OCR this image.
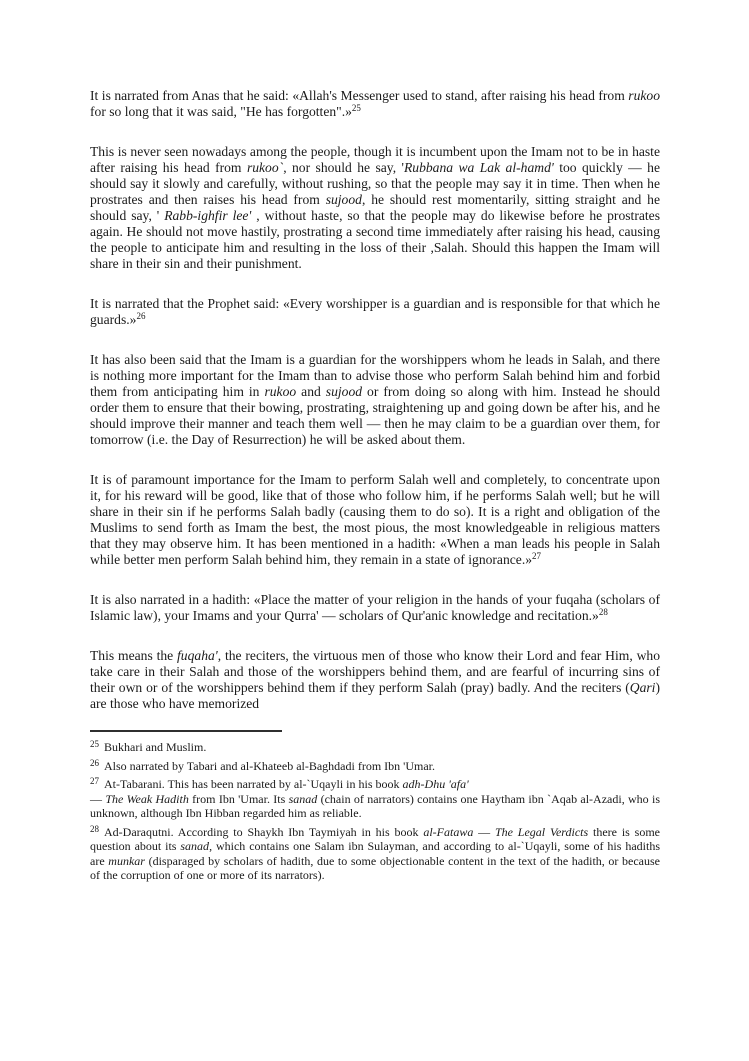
It is narrated from Anas that he said: «Allah's Messenger used to stand, after raising his head from rukoo for so long that it was said, "He has forgotten".»$^{25}$

This is never seen nowadays among the people, though it is incumbent upon the Imam not to be in haste after raising his head from rukoo`, nor should he say, 'Rubbana wa Lak al-hamd' too quickly — he should say it slowly and carefully, without rushing, so that the people may say it in time. Then when he prostrates and then raises his head from sujood, he should rest momentarily, sitting straight and he should say, ' Rabb-ighfir lee' , without haste, so that the people may do likewise before he prostrates again. He should not move hastily, prostrating a second time immediately after raising his head, causing the people to anticipate him and resulting in the loss of their ,Salah. Should this happen the Imam will share in their sin and their punishment.

It is narrated that the Prophet said: «Every worshipper is a guardian and is responsible for that which he guards.»$^{26}$

It has also been said that the Imam is a guardian for the worshippers whom he leads in Salah, and there is nothing more important for the Imam than to advise those who perform Salah behind him and forbid them from anticipating him in rukoo and sujood or from doing so along with him. Instead he should order them to ensure that their bowing, prostrating, straightening up and going down be after his, and he should improve their manner and teach them well — then he may claim to be a guardian over them, for tomorrow (i.e. the Day of Resurrection) he will be asked about them.

It is of paramount importance for the Imam to perform Salah well and completely, to concentrate upon it, for his reward will be good, like that of those who follow him, if he performs Salah well; but he will share in their sin if he performs Salah badly (causing them to do so). It is a right and obligation of the Muslims to send forth as Imam the best, the most pious, the most knowledgeable in religious matters that they may observe him. It has been mentioned in a hadith: «When a man leads his people in Salah while better men perform Salah behind him, they remain in a state of ignorance.»$^{27}$

It is also narrated in a hadith: «Place the matter of your religion in the hands of your fuqaha (scholars of Islamic law), your Imams and your Qurra' — scholars of Qur'anic knowledge and recitation.»$^{28}$

This means the fuqaha', the reciters, the virtuous men of those who know their Lord and fear Him, who take care in their Salah and those of the worshippers behind them, and are fearful of incurring sins of their own or of the worshippers behind them if they perform Salah (pray) badly. And the reciters (Qari) are those who have memorized

$^{25}$ Bukhari and Muslim.

$^{26}$ Also narrated by Tabari and al-Khateeb al-Baghdadi from Ibn 'Umar.

$^{27}$ At-Tabarani. This has been narrated by al-`Uqayli in his book adh-Dhu 'afa'
— The Weak Hadith from Ibn 'Umar. Its sanad (chain of narrators) contains one Haytham ibn `Aqab al-Azadi, who is unknown, although Ibn Hibban regarded him as reliable.

$^{28}$ Ad-Daraqutni. According to Shaykh Ibn Taymiyah in his book al-Fatawa — The Legal Verdicts there is some question about its sanad, which contains one Salam ibn Sulayman, and according to al-`Uqayli, some of his hadiths are munkar (disparaged by scholars of hadith, due to some objectionable content in the text of the hadith, or because of the corruption of one or more of its narrators).
